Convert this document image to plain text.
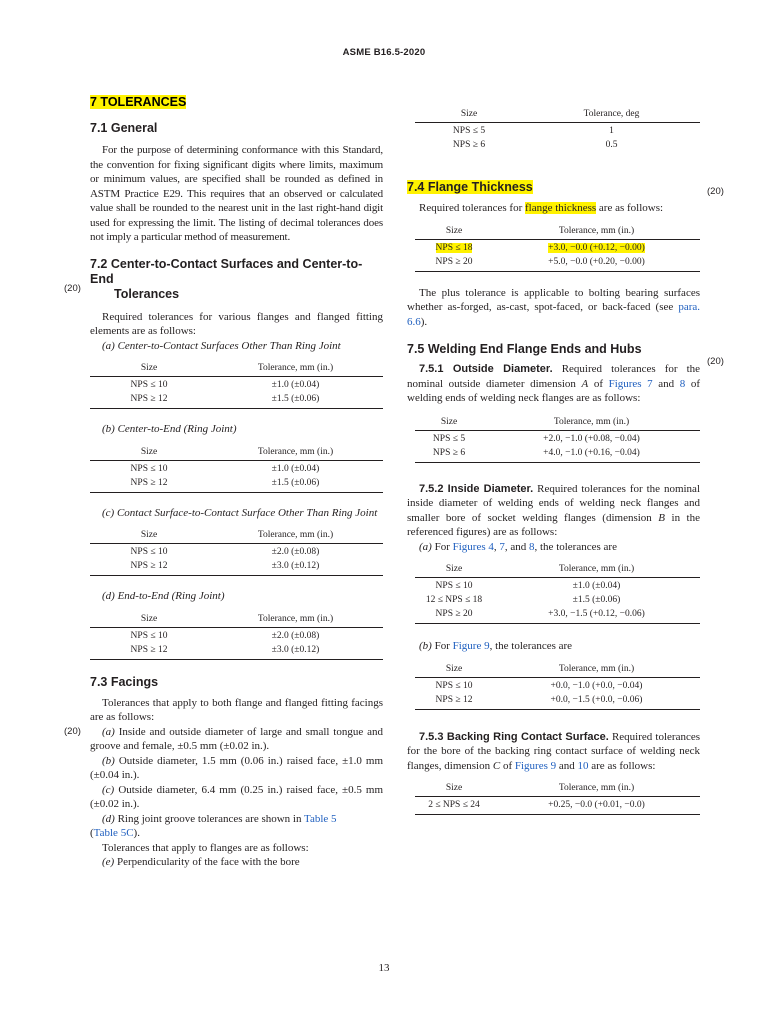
ASME B16.5-2020
(20)
(20)
(20)
(20)
7 TOLERANCES
7.1 General

For the purpose of determining conformance with this Standard, the convention for fixing significant digits where limits, maximum or minimum values, are specified shall be rounded as defined in ASTM Practice E29. This requires that an observed or calculated value shall be rounded to the nearest unit in the last right-hand digit used for expressing the limit. The listing of decimal tolerances does not imply a particular method of measurement.

7.2 Center-to-Contact Surfaces and Center-to-End
Tolerances

Required tolerances for various flanges and flanged fitting elements are as follows:

(a) Center-to-Contact Surfaces Other Than Ring Joint
Size	Tolerance, mm (in.)
NPS ≤ 10	±1.0 (±0.04)
NPS ≥ 12	±1.5 (±0.06)
(b) Center-to-End (Ring Joint)
Size	Tolerance, mm (in.)
NPS ≤ 10	±1.0 (±0.04)
NPS ≥ 12	±1.5 (±0.06)
(c) Contact Surface-to-Contact Surface Other Than Ring Joint
Size	Tolerance, mm (in.)
NPS ≤ 10	±2.0 (±0.08)
NPS ≥ 12	±3.0 (±0.12)
(d) End-to-End (Ring Joint)
Size	Tolerance, mm (in.)
NPS ≤ 10	±2.0 (±0.08)
NPS ≥ 12	±3.0 (±0.12)
7.3 Facings

Tolerances that apply to both flange and flanged fitting facings are as follows:

(a) Inside and outside diameter of large and small tongue and groove and female, ±0.5 mm (±0.02 in.).

(b) Outside diameter, 1.5 mm (0.06 in.) raised face, ±1.0 mm (±0.04 in.).

(c) Outside diameter, 6.4 mm (0.25 in.) raised face, ±0.5 mm (±0.02 in.).

(d) Ring joint groove tolerances are shown in Table 5
(Table 5C).

Tolerances that apply to flanges are as follows:

(e) Perpendicularity of the face with the bore

Size	Tolerance, deg
NPS ≤ 5	1
NPS ≥ 6	0.5
7.4 Flange Thickness

Required tolerances for flange thickness are as follows:

Size	Tolerance, mm (in.)
NPS ≤ 18	+3.0, −0.0 (+0.12, −0.00)
NPS ≥ 20	+5.0, −0.0 (+0.20, −0.00)

The plus tolerance is applicable to bolting bearing surfaces whether as-forged, as-cast, spot-faced, or back-faced (see para. 6.6).

7.5 Welding End Flange Ends and Hubs

7.5.1 Outside Diameter. Required tolerances for the nominal outside diameter dimension A of Figures 7 and 8 of welding ends of welding neck flanges are as follows:

Size	Tolerance, mm (in.)
NPS ≤ 5	+2.0, −1.0 (+0.08, −0.04)
NPS ≥ 6	+4.0, −1.0 (+0.16, −0.04)

7.5.2 Inside Diameter. Required tolerances for the nominal inside diameter of welding ends of welding neck flanges and smaller bore of socket welding flanges (dimension B in the referenced figures) are as follows:

(a) For Figures 4, 7, and 8, the tolerances are
Size	Tolerance, mm (in.)
NPS ≤ 10	±1.0 (±0.04)
12 ≤ NPS ≤ 18	±1.5 (±0.06)
NPS ≥ 20	+3.0, −1.5 (+0.12, −0.06)
(b) For Figure 9, the tolerances are
Size	Tolerance, mm (in.)
NPS ≤ 10	+0.0, −1.0 (+0.0, −0.04)
NPS ≥ 12	+0.0, −1.5 (+0.0, −0.06)

7.5.3 Backing Ring Contact Surface. Required tolerances for the bore of the backing ring contact surface of welding neck flanges, dimension C of Figures 9 and 10 are as follows:

Size	Tolerance, mm (in.)
2 ≤ NPS ≤ 24	+0.25, −0.0 (+0.01, −0.0)
13
